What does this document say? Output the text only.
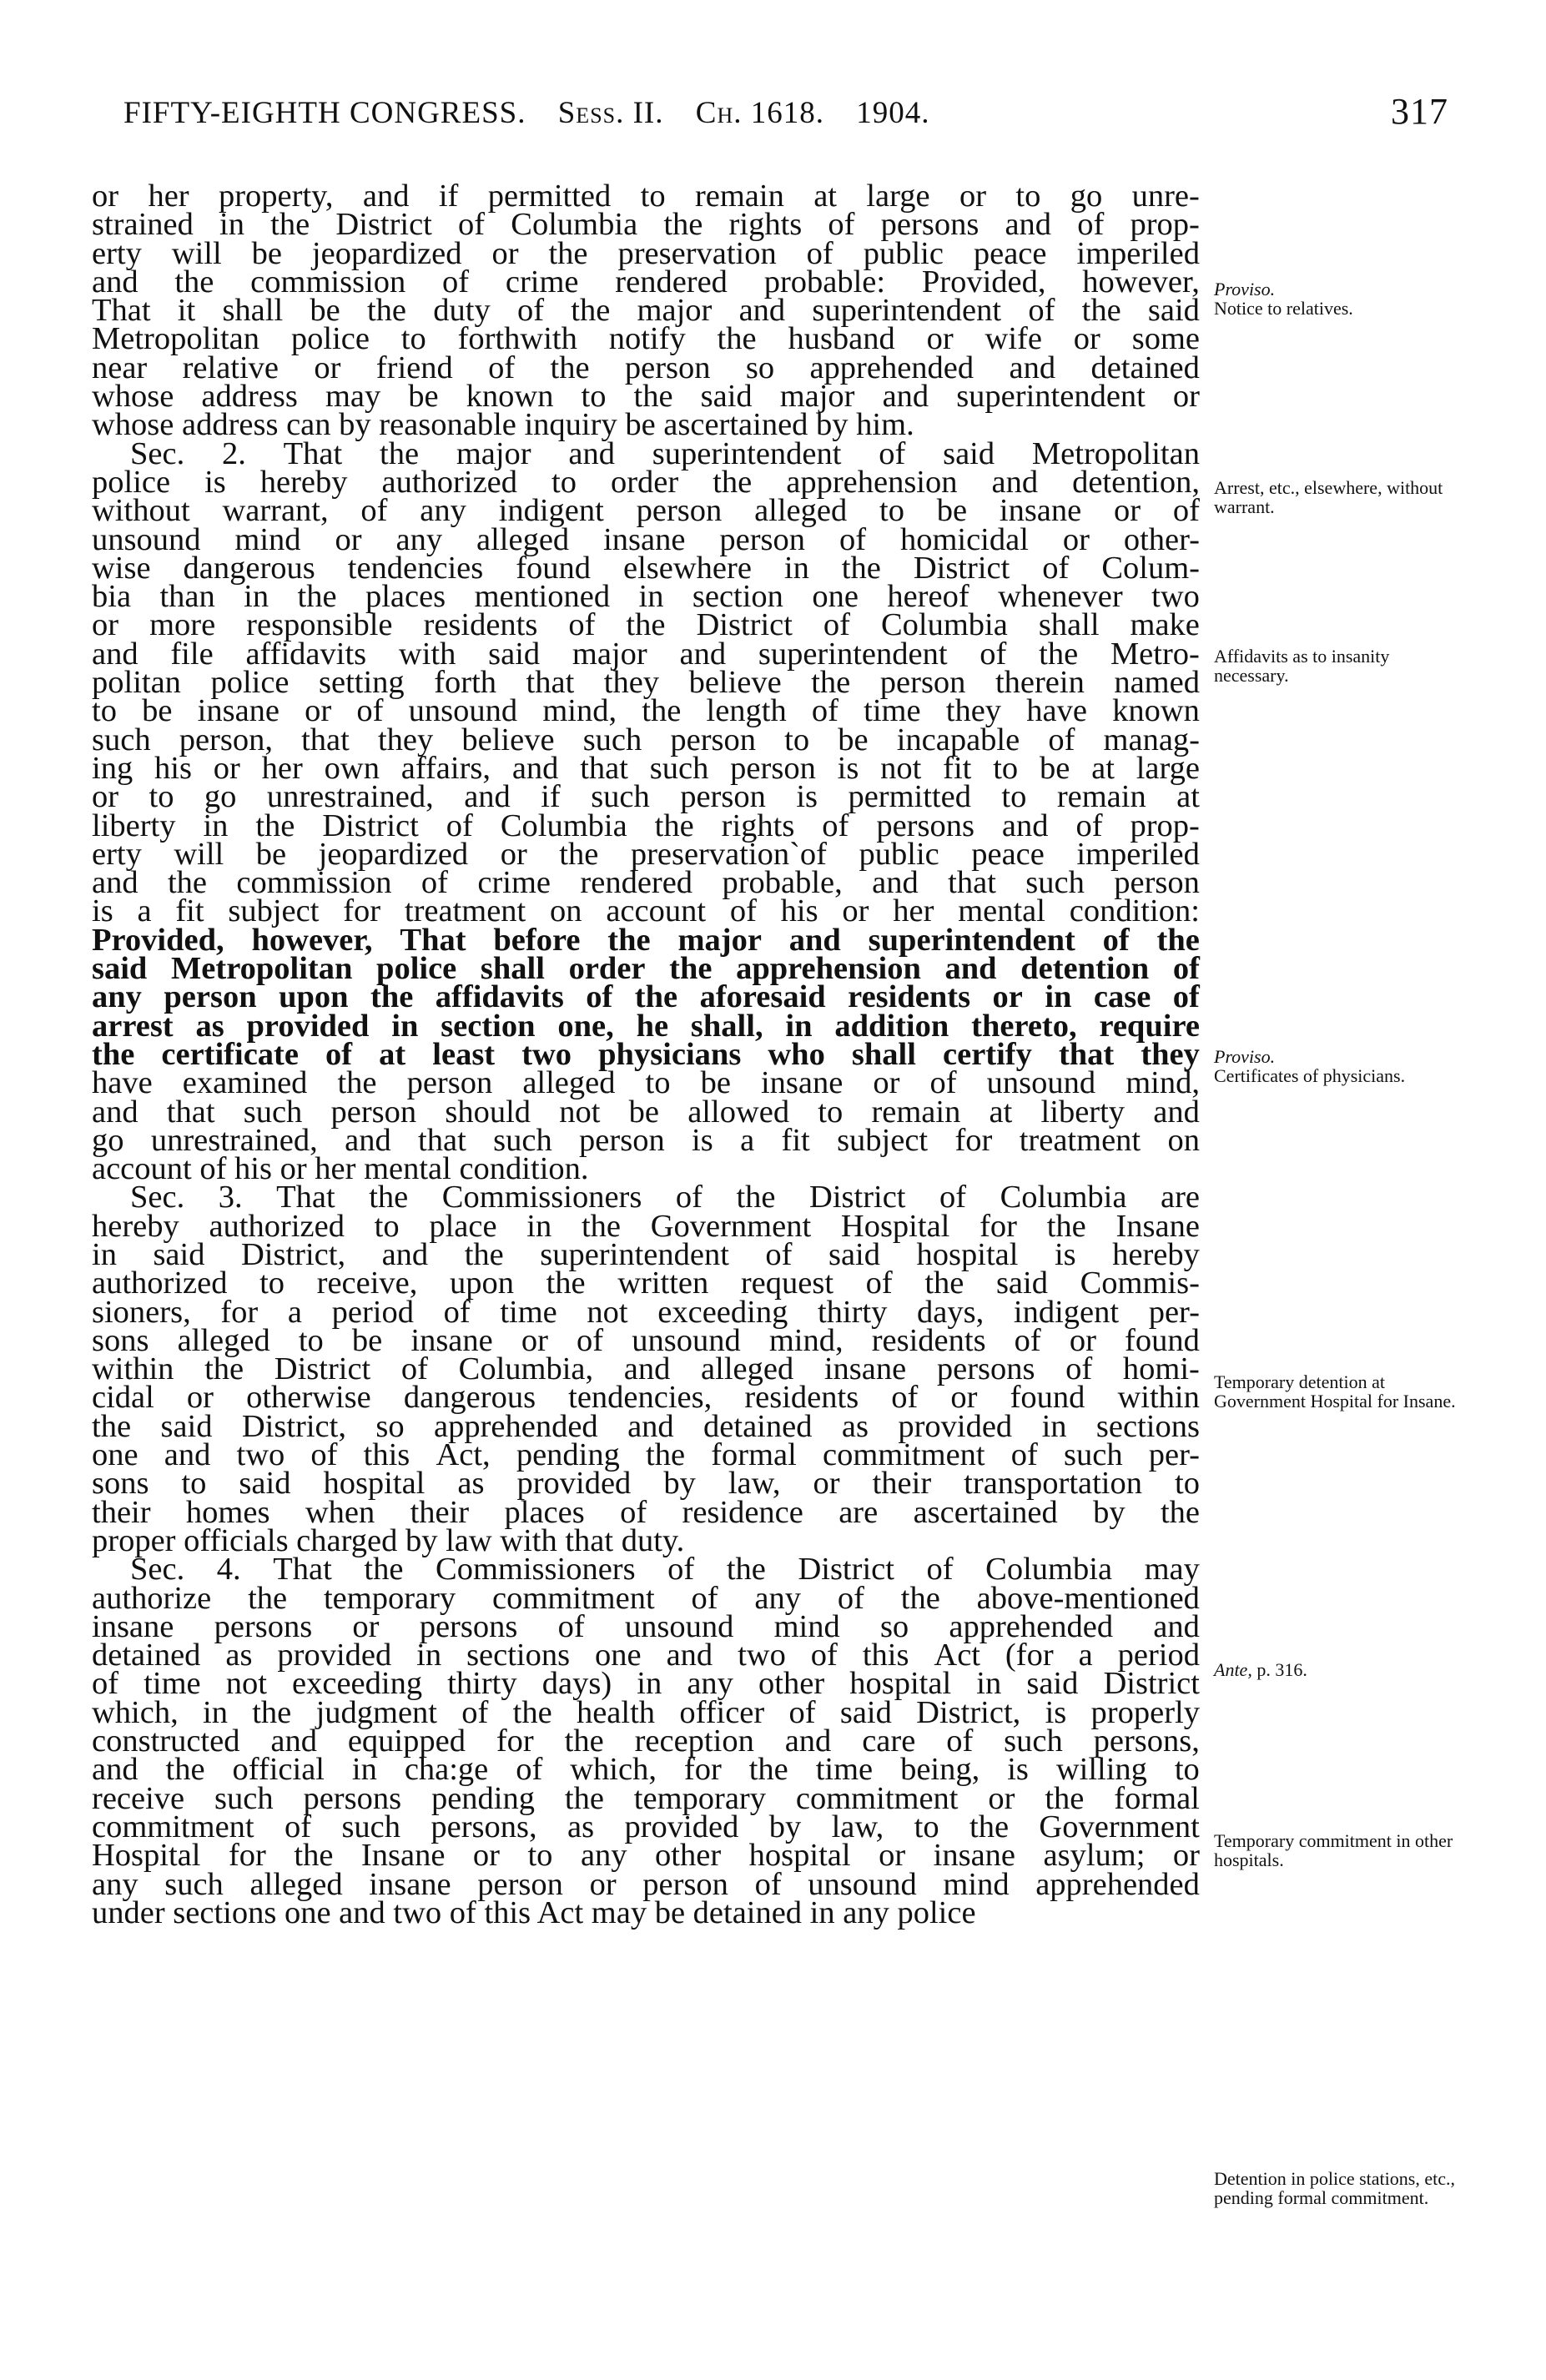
FIFTY-EIGHTH CONGRESS. Sess. II. Ch. 1618. 1904.	317
or her property, and if permitted to remain at large or to go unre-
strained in the District of Columbia the rights of persons and of prop-
erty will be jeopardized or the preservation of public peace imperiled
and the commission of crime rendered probable: Provided, however,
That it shall be the duty of the major and superintendent of the said
Metropolitan police to forthwith notify the husband or wife or some
near relative or friend of the person so apprehended and detained
whose address may be known to the said major and superintendent or
whose address can by reasonable inquiry be ascertained by him.
Sec. 2. That the major and superintendent of said Metropolitan
police is hereby authorized to order the apprehension and detention,
without warrant, of any indigent person alleged to be insane or of
unsound mind or any alleged insane person of homicidal or other-
wise dangerous tendencies found elsewhere in the District of Colum-
bia than in the places mentioned in section one hereof whenever two
or more responsible residents of the District of Columbia shall make
and file affidavits with said major and superintendent of the Metro-
politan police setting forth that they believe the person therein named
to be insane or of unsound mind, the length of time they have known
such person, that they believe such person to be incapable of manag-
ing his or her own affairs, and that such person is not fit to be at large
or to go unrestrained, and if such person is permitted to remain at
liberty in the District of Columbia the rights of persons and of prop-
erty will be jeopardized or the preservation`of public peace imperiled
and the commission of crime rendered probable, and that such person
is a fit subject for treatment on account of his or her mental condition:
Provided, however, That before the major and superintendent of the
said Metropolitan police shall order the apprehension and detention of
any person upon the affidavits of the aforesaid residents or in case of
arrest as provided in section one, he shall, in addition thereto, require
the certificate of at least two physicians who shall certify that they
have examined the person alleged to be insane or of unsound mind,
and that such person should not be allowed to remain at liberty and
go unrestrained, and that such person is a fit subject for treatment on
account of his or her mental condition.
Sec. 3. That the Commissioners of the District of Columbia are
hereby authorized to place in the Government Hospital for the Insane
in said District, and the superintendent of said hospital is hereby
authorized to receive, upon the written request of the said Commis-
sioners, for a period of time not exceeding thirty days, indigent per-
sons alleged to be insane or of unsound mind, residents of or found
within the District of Columbia, and alleged insane persons of homi-
cidal or otherwise dangerous tendencies, residents of or found within
the said District, so apprehended and detained as provided in sections
one and two of this Act, pending the formal commitment of such per-
sons to said hospital as provided by law, or their transportation to
their homes when their places of residence are ascertained by the
proper officials charged by law with that duty.
Sec. 4. That the Commissioners of the District of Columbia may
authorize the temporary commitment of any of the above-mentioned
insane persons or persons of unsound mind so apprehended and
detained as provided in sections one and two of this Act (for a period
of time not exceeding thirty days) in any other hospital in said District
which, in the judgment of the health officer of said District, is properly
constructed and equipped for the reception and care of such persons,
and the official in cha:ge of which, for the time being, is willing to
receive such persons pending the temporary commitment or the formal
commitment of such persons, as provided by law, to the Government
Hospital for the Insane or to any other hospital or insane asylum; or
any such alleged insane person or person of unsound mind apprehended
under sections one and two of this Act may be detained in any police
Proviso.
Notice to relatives.
Arrest, etc., elsewhere, without warrant.
Affidavits as to insanity necessary.
Proviso.
Certificates of physicians.
Temporary detention at Government Hospital for Insane.
Ante, p. 316.
Temporary commitment in other hospitals.
Detention in police stations, etc., pending formal commitment.
